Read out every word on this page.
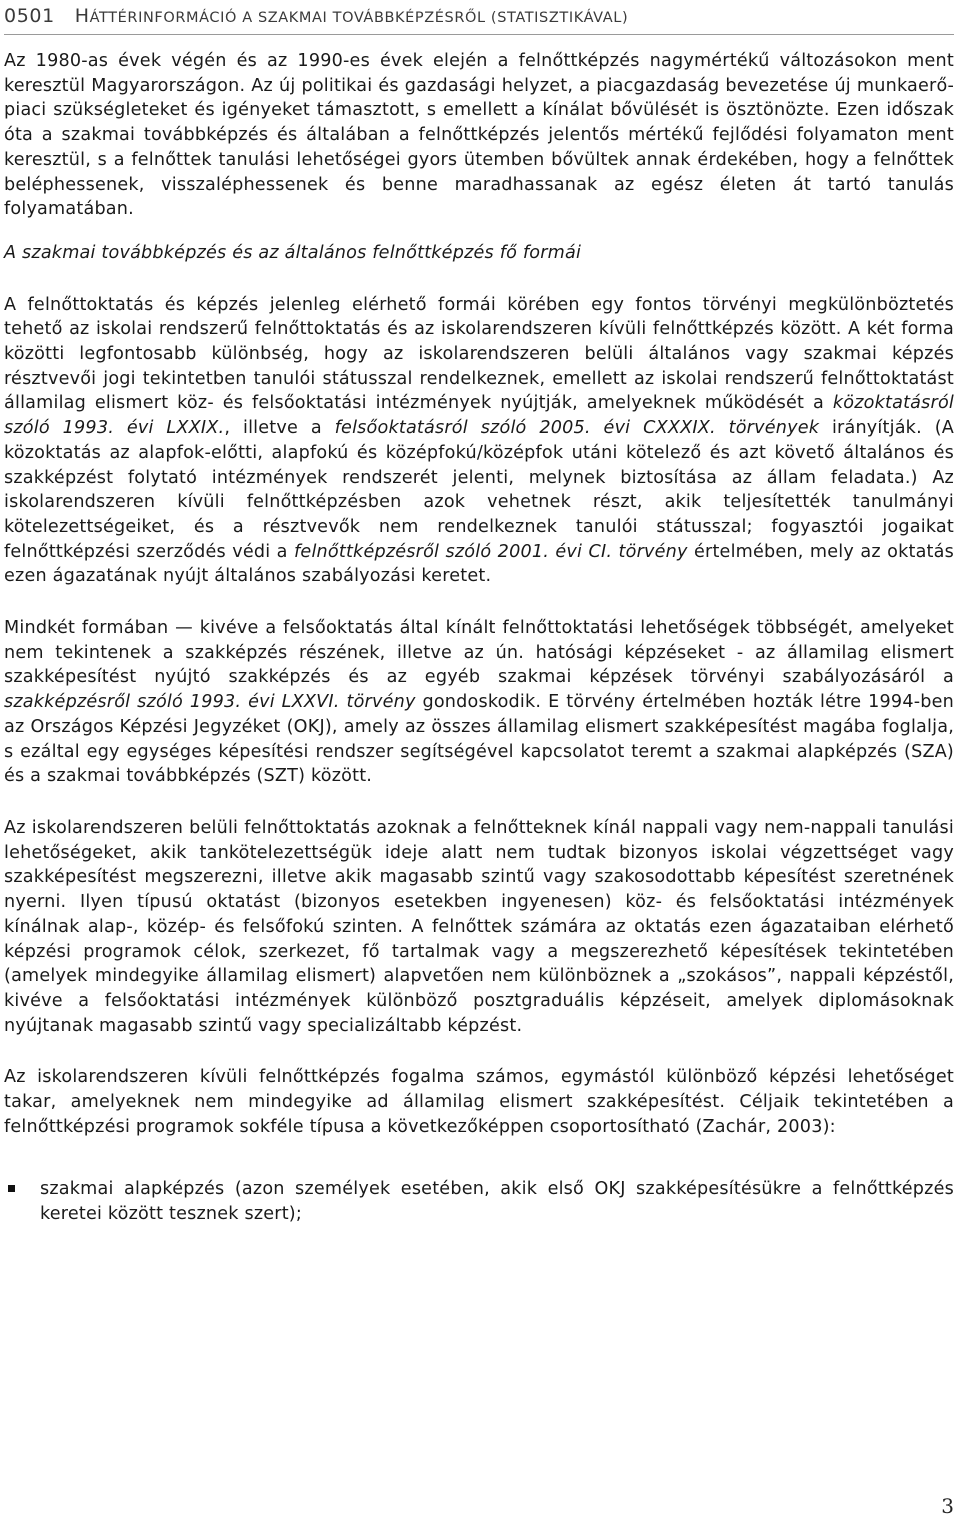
0501 HÁTTÉRINFORMÁCIÓ A SZAKMAI TOVÁBBKÉPZÉSRŐL (STATISZTIKÁVAL)

Az 1980-as évek végén és az 1990-es évek elején a felnőttképzés nagymértékű változásokon ment keresztül Magyarországon. Az új politikai és gazdasági helyzet, a piacgazdaság bevezetése új munkaerő-piaci szükségleteket és igényeket támasztott, s emellett a kínálat bővülését is ösztönözte. Ezen időszak óta a szakmai továbbképzés és általában a felnőttképzés jelentős mértékű fejlődési folyamaton ment keresztül, s a felnőttek tanulási lehetőségei gyors ütemben bővültek annak érdekében, hogy a felnőttek beléphessenek, visszaléphessenek és benne maradhassanak az egész életen át tartó tanulás folyamatában.

A szakmai továbbképzés és az általános felnőttképzés fő formái

A felnőttoktatás és képzés jelenleg elérhető formái körében egy fontos törvényi megkülönböztetés tehető az iskolai rendszerű felnőttoktatás és az iskolarendszeren kívüli felnőttképzés között. A két forma közötti legfontosabb különbség, hogy az iskolarendszeren belüli általános vagy szakmai képzés résztvevői jogi tekintetben tanulói státusszal rendelkeznek, emellett az iskolai rendszerű felnőttoktatást államilag elismert köz- és felsőoktatási intézmények nyújtják, amelyeknek működését a közoktatásról szóló 1993. évi LXXIX., illetve a felsőoktatásról szóló 2005. évi CXXXIX. törvények irányítják. (A közoktatás az alapfok-előtti, alapfokú és középfokú/középfok utáni kötelező és azt követő általános és szakképzést folytató intézmények rendszerét jelenti, melynek biztosítása az állam feladata.) Az iskolarendszeren kívüli felnőttképzésben azok vehetnek részt, akik teljesítették tanulmányi kötelezettségeiket, és a résztvevők nem rendelkeznek tanulói státusszal; fogyasztói jogaikat felnőttképzési szerződés védi a felnőttképzésről szóló 2001. évi CI. törvény értelmében, mely az oktatás ezen ágazatának nyújt általános szabályozási keretet.

Mindkét formában — kivéve a felsőoktatás által kínált felnőttoktatási lehetőségek többségét, amelyeket nem tekintenek a szakképzés részének, illetve az ún. hatósági képzéseket - az államilag elismert szakképesítést nyújtó szakképzés és az egyéb szakmai képzések törvényi szabályozásáról a szakképzésről szóló 1993. évi LXXVI. törvény gondoskodik. E törvény értelmében hozták létre 1994-ben az Országos Képzési Jegyzéket (OKJ), amely az összes államilag elismert szakképesítést magába foglalja, s ezáltal egy egységes képesítési rendszer segítségével kapcsolatot teremt a szakmai alapképzés (SZA) és a szakmai továbbképzés (SZT) között.

Az iskolarendszeren belüli felnőttoktatás azoknak a felnőtteknek kínál nappali vagy nem-nappali tanulási lehetőségeket, akik tankötelezettségük ideje alatt nem tudtak bizonyos iskolai végzettséget vagy szakképesítést megszerezni, illetve akik magasabb szintű vagy szakosodottabb képesítést szeretnének nyerni. Ilyen típusú oktatást (bizonyos esetekben ingyenesen) köz- és felsőoktatási intézmények kínálnak alap-, közép- és felsőfokú szinten. A felnőttek számára az oktatás ezen ágazataiban elérhető képzési programok célok, szerkezet, fő tartalmak vagy a megszerezhető képesítések tekintetében (amelyek mindegyike államilag elismert) alapvetően nem különböznek a „szokásos”, nappali képzéstől, kivéve a felsőoktatási intézmények különböző posztgraduális képzéseit, amelyek diplomásoknak nyújtanak magasabb szintű vagy specializáltabb képzést.

Az iskolarendszeren kívüli felnőttképzés fogalma számos, egymástól különböző képzési lehetőséget takar, amelyeknek nem mindegyike ad államilag elismert szakképesítést. Céljaik tekintetében a felnőttképzési programok sokféle típusa a következőképpen csoportosítható (Zachár, 2003):

szakmai alapképzés (azon személyek esetében, akik első OKJ szakképesítésükre a felnőttképzés keretei között tesznek szert);
3
